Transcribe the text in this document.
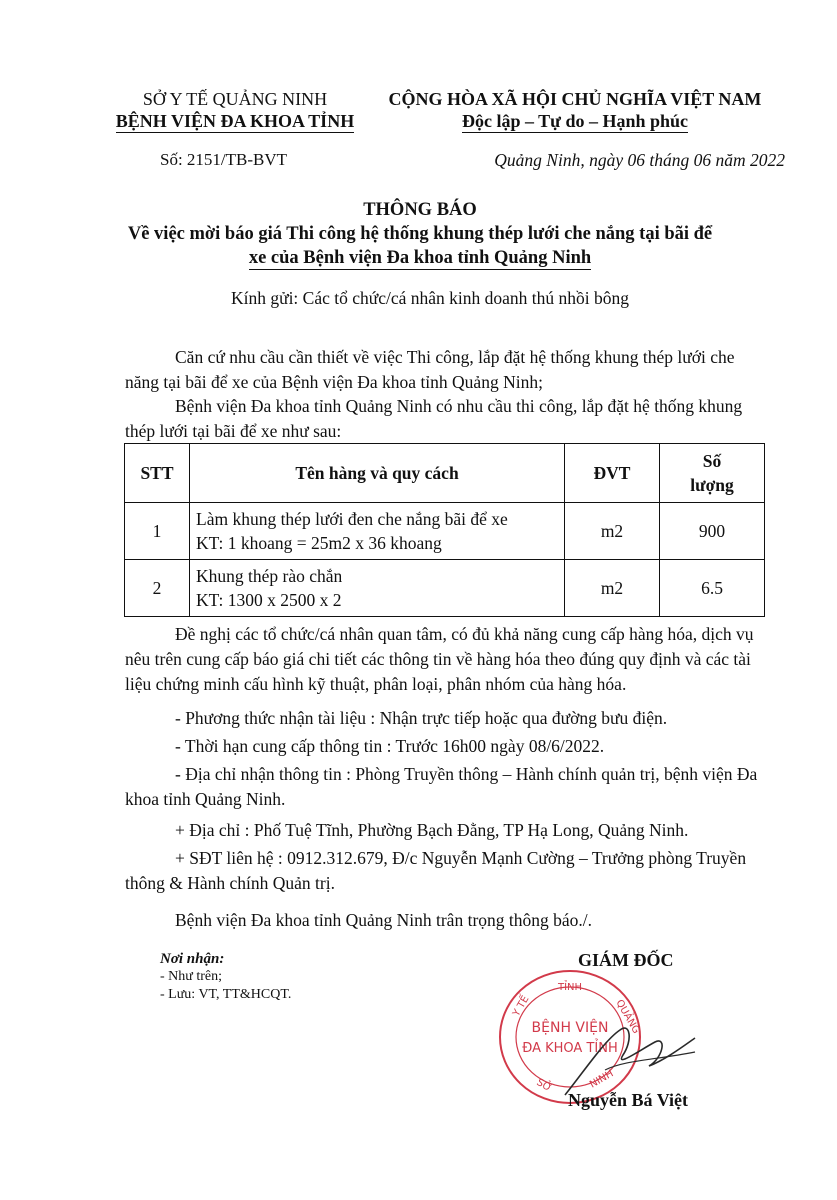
SỞ Y TẾ QUẢNG NINH
BỆNH VIỆN ĐA KHOA TỈNH
CỘNG HÒA XÃ HỘI CHỦ NGHĨA VIỆT NAM
Độc lập – Tự do – Hạnh phúc
Số: 2151/TB-BVT	Quảng Ninh, ngày 06 tháng 06 năm 2022
THÔNG BÁO
Về việc mời báo giá Thi công hệ thống khung thép lưới che nắng tại bãi để
xe của Bệnh viện Đa khoa tỉnh Quảng Ninh
Kính gửi: Các tổ chức/cá nhân kinh doanh thú nhồi bông
Căn cứ nhu cầu cần thiết về việc Thi công, lắp đặt hệ thống khung thép lưới che năng tại bãi để xe của Bệnh viện Đa khoa tỉnh Quảng Ninh;
Bệnh viện Đa khoa tỉnh Quảng Ninh có nhu cầu thi công, lắp đặt hệ thống khung thép lưới tại bãi để xe như sau:
STT	Tên hàng và quy cách	ĐVT	Số
lượng

1	Làm khung thép lưới đen che nắng bãi để xe
KT: 1 khoang = 25m2 x 36 khoang	m2	900
2	Khung thép rào chắn
KT: 1300 x 2500 x 2	m2	6.5
Đề nghị các tổ chức/cá nhân quan tâm, có đủ khả năng cung cấp hàng hóa, dịch vụ nêu trên cung cấp báo giá chi tiết các thông tin về hàng hóa theo đúng quy định và các tài liệu chứng minh cấu hình kỹ thuật, phân loại, phân nhóm của hàng hóa.
- Phương thức nhận tài liệu : Nhận trực tiếp hoặc qua đường bưu điện.
- Thời hạn cung cấp thông tin : Trước 16h00 ngày 08/6/2022.
- Địa chỉ nhận thông tin : Phòng Truyền thông – Hành chính quản trị, bệnh viện Đa khoa tỉnh Quảng Ninh.
+ Địa chỉ : Phố Tuệ Tĩnh, Phường Bạch Đằng, TP Hạ Long, Quảng Ninh.
+ SĐT liên hệ : 0912.312.679, Đ/c Nguyễn Mạnh Cường – Trưởng phòng Truyền thông & Hành chính Quản trị.
Bệnh viện Đa khoa tỉnh Quảng Ninh trân trọng thông báo./.
Nơi nhận:
- Như trên;
- Lưu: VT, TT&HCQT.
GIÁM ĐỐC
TỈNH
Y TẾ	QUẢNG
SỞ	NINH
BỆNH VIỆN
ĐA KHOA TỈNH
Nguyễn Bá Việt
